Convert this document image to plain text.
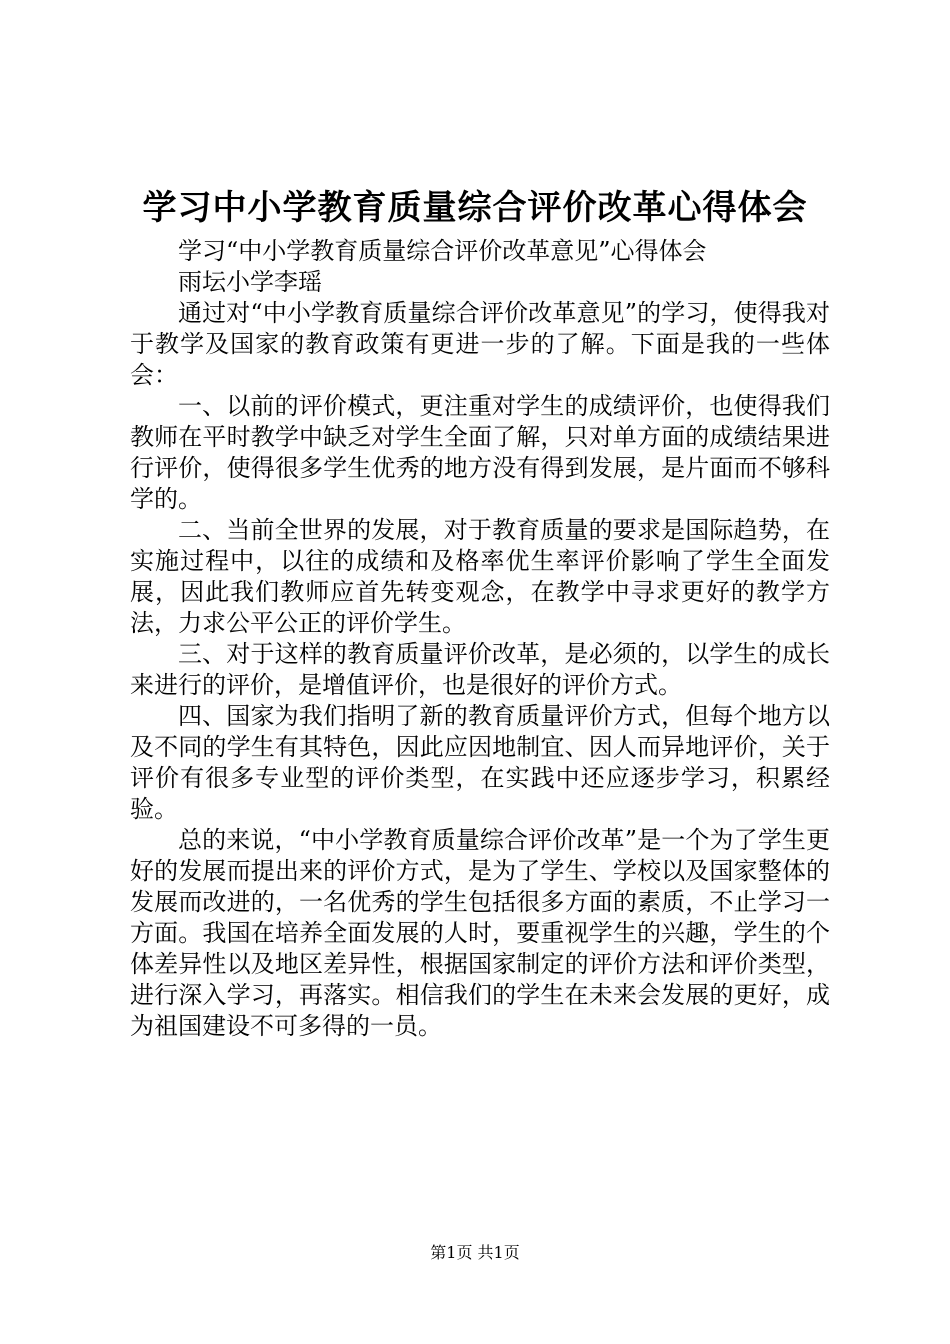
学习中小学教育质量综合评价改革心得体会

学习“中小学教育质量综合评价改革意见”心得体会

雨坛小学李瑶

通过对“中小学教育质量综合评价改革意见”的学习，使得我对于教学及国家的教育政策有更进一步的了解。下面是我的一些体会：

一、以前的评价模式，更注重对学生的成绩评价，也使得我们教师在平时教学中缺乏对学生全面了解，只对单方面的成绩结果进行评价，使得很多学生优秀的地方没有得到发展，是片面而不够科学的。

二、当前全世界的发展，对于教育质量的要求是国际趋势，在实施过程中，以往的成绩和及格率优生率评价影响了学生全面发展，因此我们教师应首先转变观念，在教学中寻求更好的教学方法，力求公平公正的评价学生。

三、对于这样的教育质量评价改革，是必须的，以学生的成长来进行的评价，是增值评价，也是很好的评价方式。

四、国家为我们指明了新的教育质量评价方式，但每个地方以及不同的学生有其特色，因此应因地制宜、因人而异地评价，关于评价有很多专业型的评价类型，在实践中还应逐步学习，积累经验。

总的来说，“中小学教育质量综合评价改革”是一个为了学生更好的发展而提出来的评价方式，是为了学生、学校以及国家整体的发展而改进的，一名优秀的学生包括很多方面的素质，不止学习一方面。我国在培养全面发展的人时，要重视学生的兴趣，学生的个体差异性以及地区差异性，根据国家制定的评价方法和评价类型，进行深入学习，再落实。相信我们的学生在未来会发展的更好，成为祖国建设不可多得的一员。

第1页 共1页
